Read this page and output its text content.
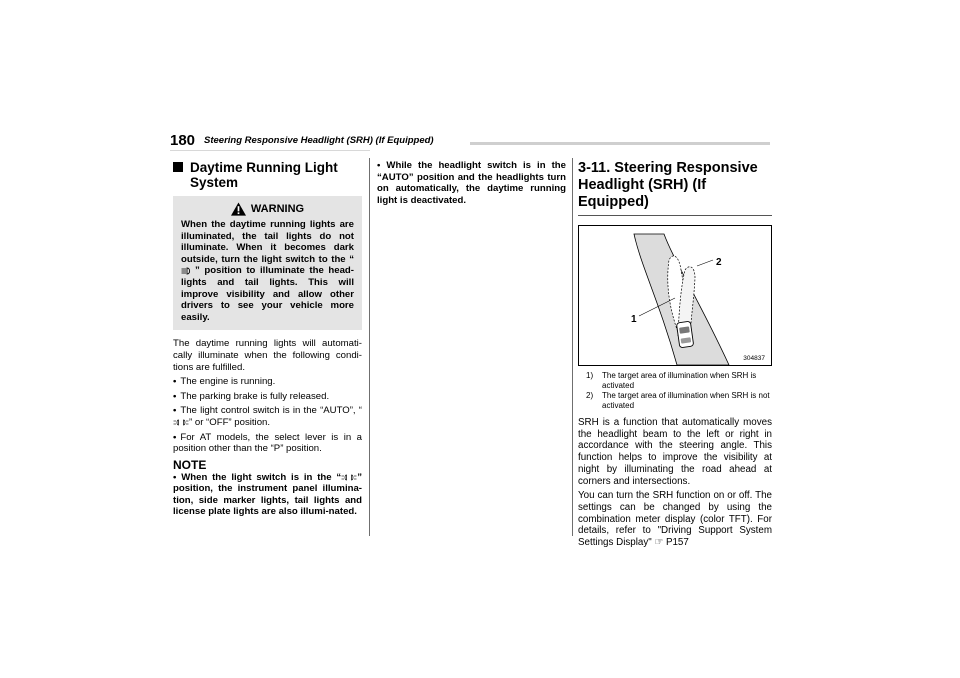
180 Steering Responsive Headlight (SRH) (If Equipped)
Daytime Running Light System
WARNING
When the daytime running lights are illuminated, the tail lights do not illuminate. When it becomes dark outside, turn the light switch to the “” position to illuminate the head-lights and tail lights. This will improve visibility and allow other drivers to see your vehicle more easily.
The daytime running lights will automati-cally illuminate when the following condi-tions are fulfilled.
• The engine is running.
• The parking brake is fully released.
• The light control switch is in the “AUTO”, “” or “OFF” position.
• For AT models, the select lever is in a position other than the “P” position.
NOTE
• When the light switch is in the “ ” position, the instrument panel illumina-tion, side marker lights, tail lights and license plate lights are also illumi-nated.
• While the headlight switch is in the “AUTO” position and the headlights turn on automatically, the daytime running light is deactivated.
3-11. Steering Responsive Headlight (SRH) (If Equipped)
1
2
304837
1)	The target area of illumination when SRH is activated
2)	The target area of illumination when SRH is not activated
SRH is a function that automatically moves the headlight beam to the left or right in accordance with the steering angle. This function helps to improve the visibility at night by illuminating the road ahead at corners and intersections.
You can turn the SRH function on or off. The settings can be changed by using the combination meter display (color TFT). For details, refer to "Driving Support System Settings Display" ☞ P157
